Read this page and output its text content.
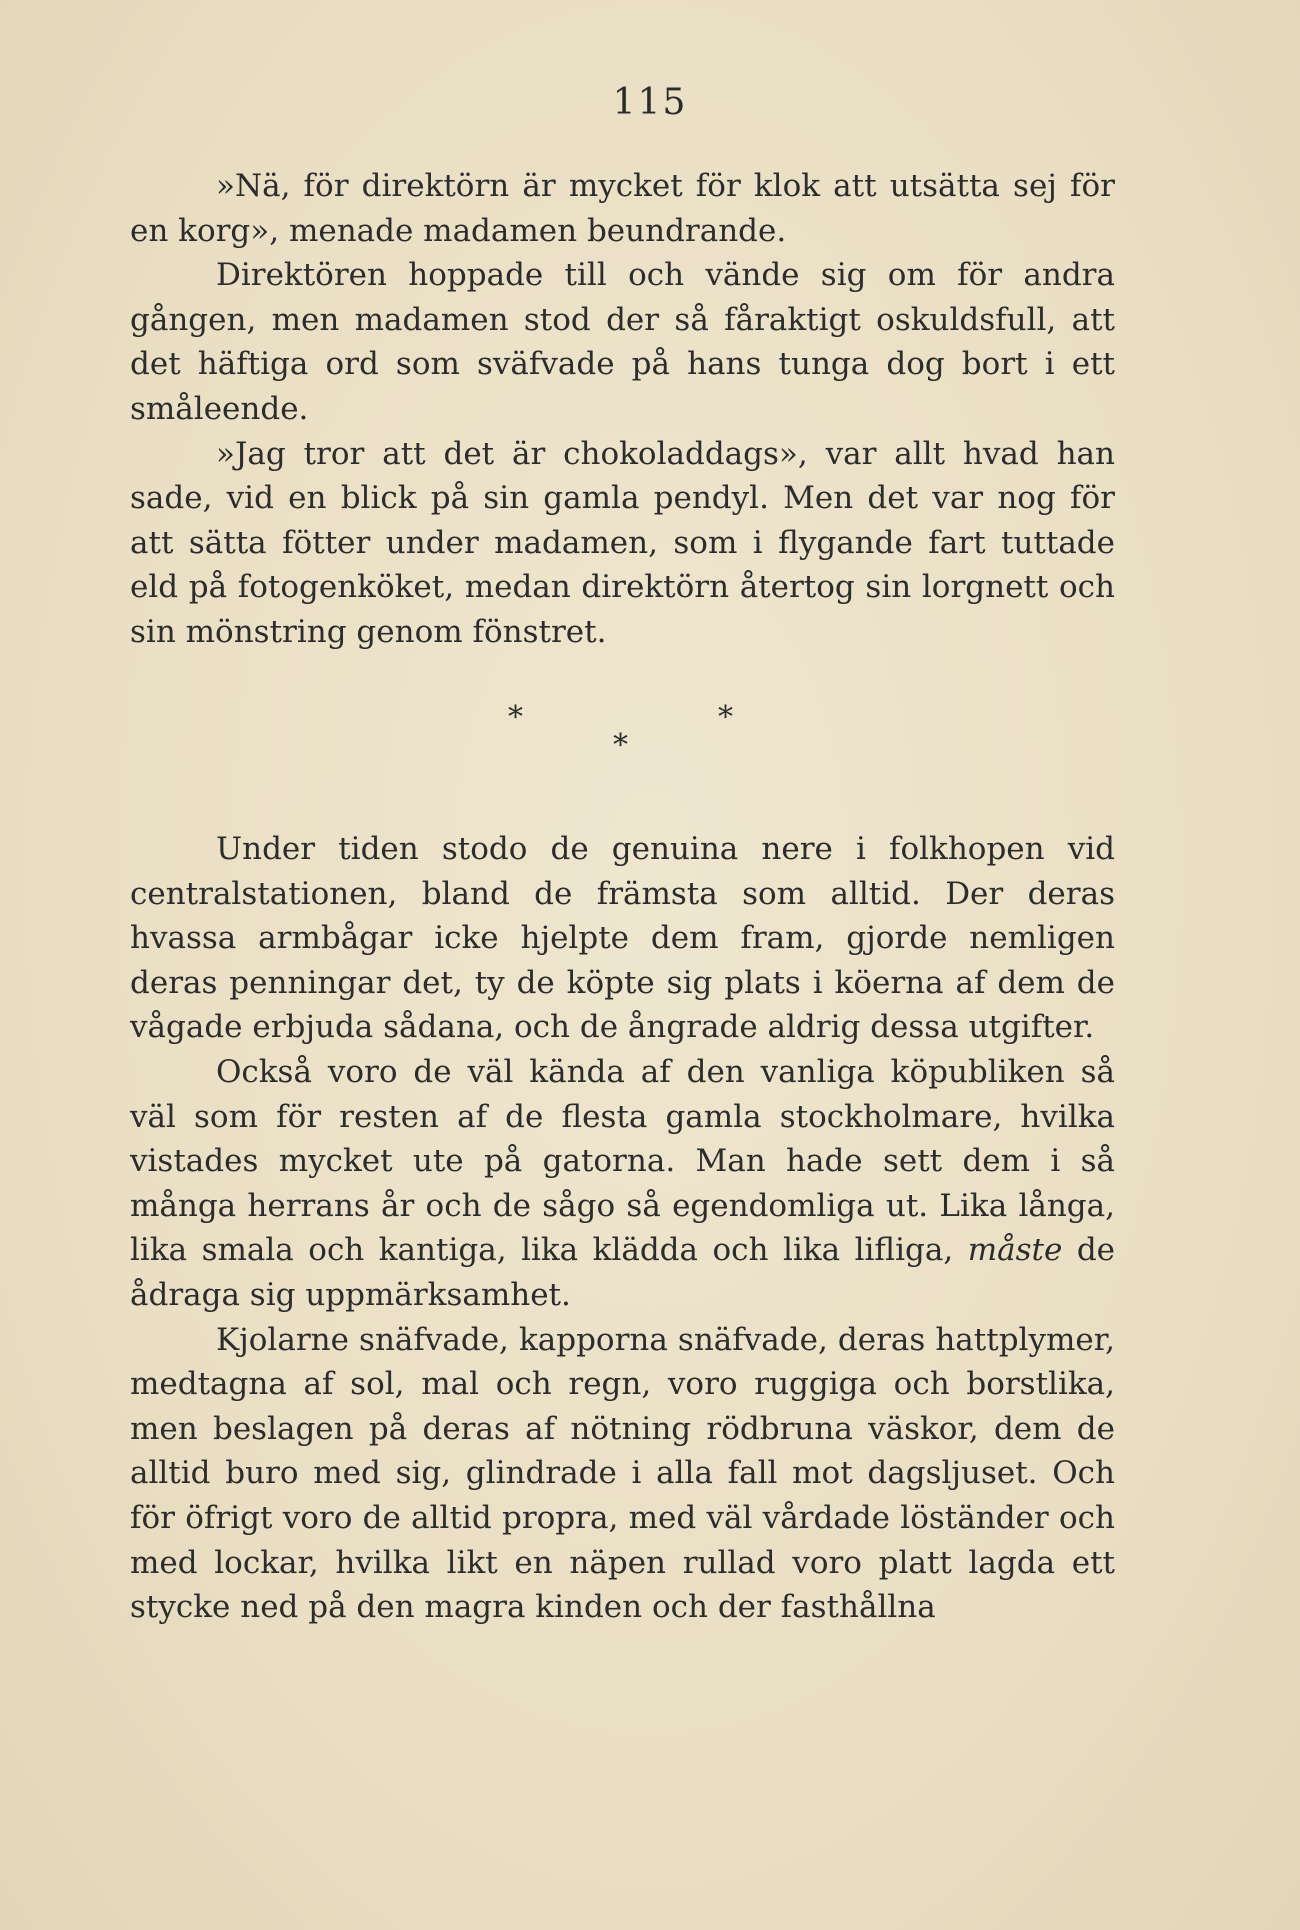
115

»Nä, för direktörn är mycket för klok att utsätta sej för en korg», menade madamen beundrande.

Direktören hoppade till och vände sig om för andra gången, men madamen stod der så fåraktigt oskuldsfull, att det häftiga ord som sväfvade på hans tunga dog bort i ett småleende.

»Jag tror att det är chokoladdags», var allt hvad han sade, vid en blick på sin gamla pendyl. Men det var nog för att sätta fötter under madamen, som i flygande fart tuttade eld på fotogenköket, medan direktörn återtog sin lorgnett och sin mönstring genom fönstret.

*	*
*

Under tiden stodo de genuina nere i folkhopen vid centralstationen, bland de främsta som alltid. Der deras hvassa armbågar icke hjelpte dem fram, gjorde nemligen deras penningar det, ty de köpte sig plats i köerna af dem de vågade erbjuda sådana, och de ångrade aldrig dessa utgifter.

Också voro de väl kända af den vanliga köpubliken så väl som för resten af de flesta gamla stockholmare, hvilka vistades mycket ute på gatorna. Man hade sett dem i så många herrans år och de sågo så egendomliga ut. Lika långa, lika smala och kantiga, lika klädda och lika lifliga, måste de ådraga sig uppmärksamhet.

Kjolarne snäfvade, kapporna snäfvade, deras hattplymer, medtagna af sol, mal och regn, voro ruggiga och borstlika, men beslagen på deras af nötning rödbruna väskor, dem de alltid buro med sig, glindrade i alla fall mot dagsljuset. Och för öfrigt voro de alltid propra, med väl vårdade löständer och med lockar, hvilka likt en näpen rullad voro platt lagda ett stycke ned på den magra kinden och der fasthållna
